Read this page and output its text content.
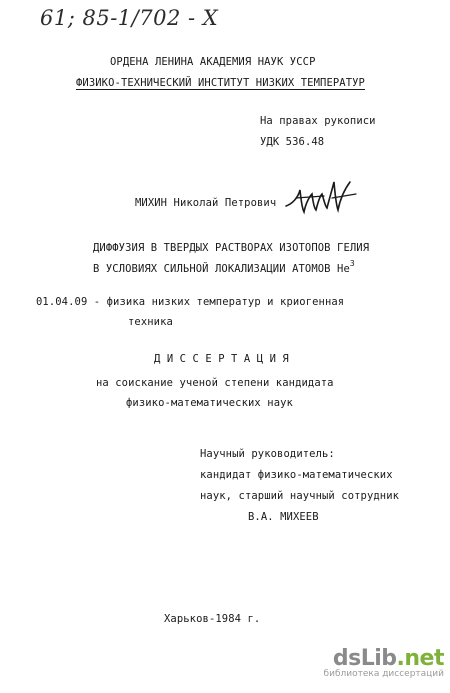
61; 85-1/702 - X
ОРДЕНА ЛЕНИНА АКАДЕМИЯ НАУК УССР
ФИЗИКО-ТЕХНИЧЕСКИЙ ИНСТИТУТ НИЗКИХ ТЕМПЕРАТУР
На правах рукописи
УДК 536.48
МИХИН Николай Петрович
ДИФФУЗИЯ В ТВЕРДЫХ РАСТВОРАХ ИЗОТОПОВ ГЕЛИЯ
В УСЛОВИЯХ СИЛЬНОЙ ЛОКАЛИЗАЦИИ АТОМОВ He$^3$
01.04.09 - физика низких температур и криогенная
техника
Д И С С Е Р Т А Ц И Я
на соискание ученой степени кандидата
физико-математических наук
Научный руководитель:
кандидат физико-математических
наук, старший научный сотрудник
В.А. МИХЕЕВ
Харьков-1984 г.
dsLib.net
библиотека диссертаций
